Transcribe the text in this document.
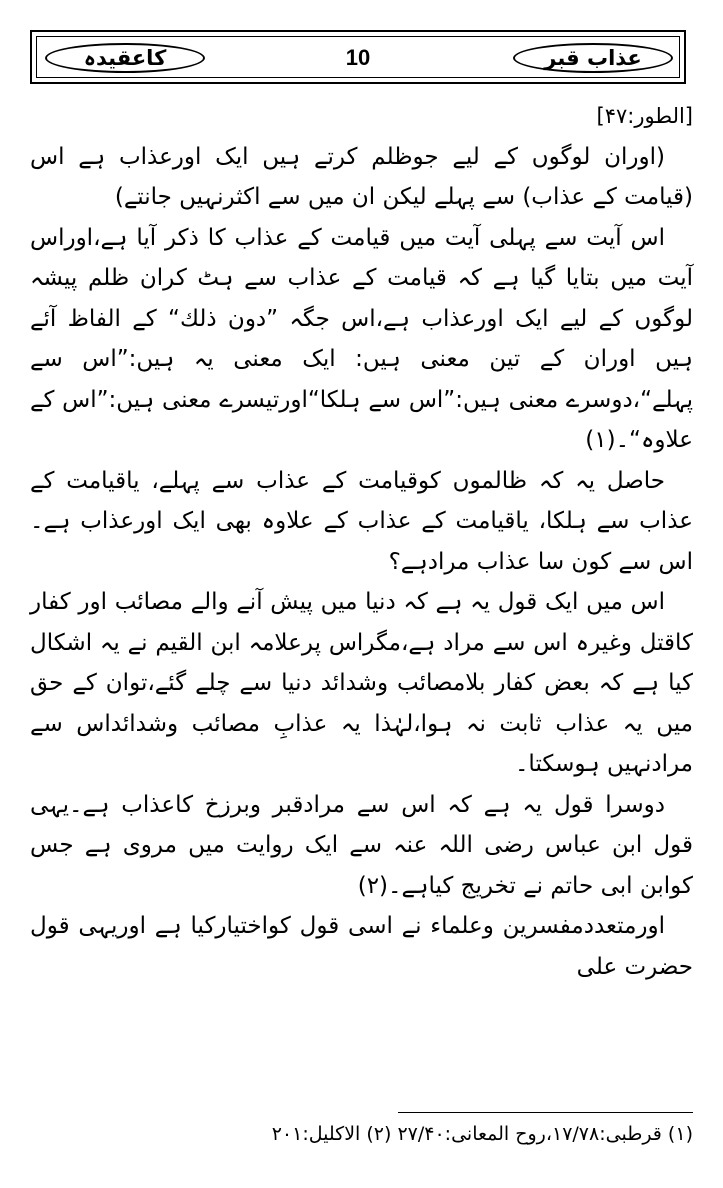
عذاب قبر
10
کاعقیدہ

[الطور:۴۷]

(اوران لوگوں کے لیے جوظلم کرتے ہیں ایک اورعذاب ہے اس (قیامت کے عذاب) سے پہلے لیکن ان میں سے اکثرنہیں جانتے)

اس آیت سے پہلی آیت میں قیامت کے عذاب کا ذکر آیا ہے،اوراس آیت میں بتایا گیا ہے کہ قیامت کے عذاب سے ہٹ کران ظلم پیشہ لوگوں کے لیے ایک اورعذاب ہے،اس جگہ ”دون ذلك“ کے الفاظ آئے ہیں اوران کے تین معنی ہیں: ایک معنی یہ ہیں:”اس سے پہلے“،دوسرے معنی ہیں:”اس سے ہلکا“اورتیسرے معنی ہیں:”اس کے علاوہ“۔(۱)

حاصل یہ کہ ظالموں کوقیامت کے عذاب سے پہلے، یاقیامت کے عذاب سے ہلکا، یاقیامت کے عذاب کے علاوہ بھی ایک اورعذاب ہے۔اس سے کون سا عذاب مرادہے؟

اس میں ایک قول یہ ہے کہ دنیا میں پیش آنے والے مصائب اور کفار کاقتل وغیرہ اس سے مراد ہے،مگراس پرعلامہ ابن القیم نے یہ اشکال کیا ہے کہ بعض کفار بلامصائب وشدائد دنیا سے چلے گئے،توان کے حق میں یہ عذاب ثابت نہ ہوا،لہٰذا یہ عذابِ مصائب وشدائداس سے مرادنہیں ہوسکتا۔

دوسرا قول یہ ہے کہ اس سے مرادقبر وبرزخ کاعذاب ہے۔یہی قول ابن عباس رضی اللہ عنہ سے ایک روایت میں مروی ہے جس کوابن ابی حاتم نے تخریج کیاہے۔(۲)

اورمتعددمفسرین وعلماء نے اسی قول کواختیارکیا ہے اوریہی قول حضرت علی

(۱) قرطبی:۱۷/۷۸،روح المعانی:۲۷/۴۰ (۲) الاکلیل:۲۰۱
